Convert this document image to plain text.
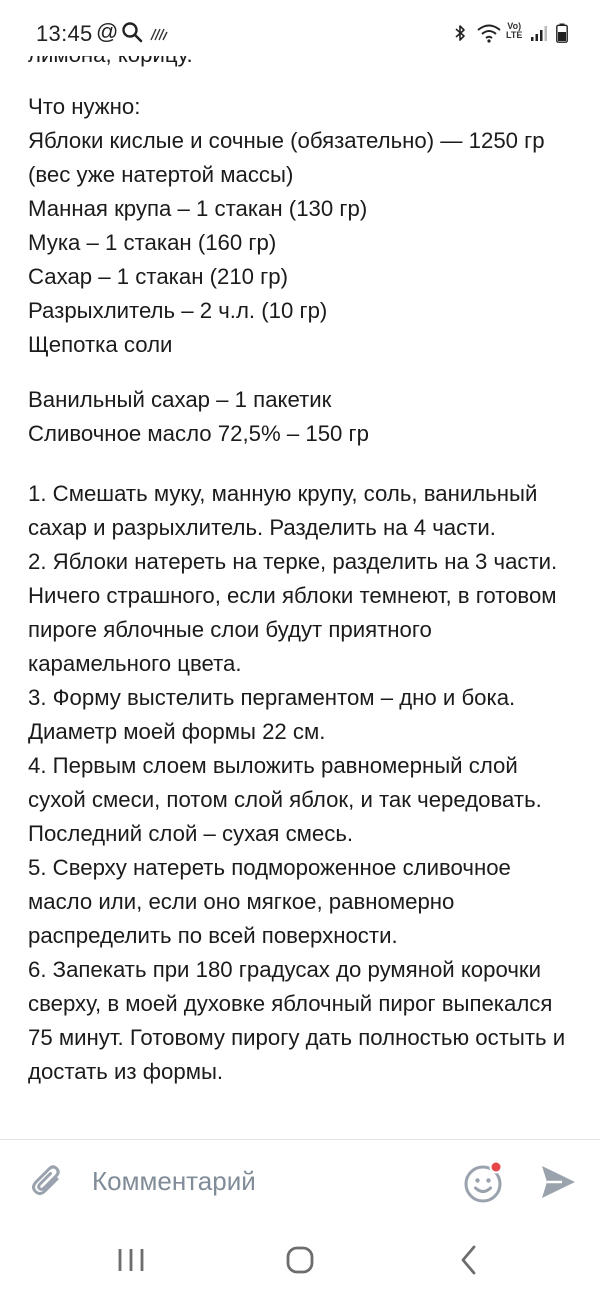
13:45 @	Vo)
LTE
Что нужно:
Яблоки кислые и сочные (обязательно) — 1250 гр (вес уже натертой массы)
Манная крупа – 1 стакан (130 гр)
Мука – 1 стакан (160 гр)
Сахар – 1 стакан (210 гр)
Разрыхлитель – 2 ч.л. (10 гр)
Щепотка соли
Ванильный сахар – 1 пакетик
Сливочное масло 72,5% – 150 гр
1. Смешать муку, манную крупу, соль, ванильный сахар и разрыхлитель. Разделить на 4 части.
2. Яблоки натереть на терке, разделить на 3 части. Ничего страшного, если яблоки темнеют, в готовом пироге яблочные слои будут приятного карамельного цвета.
3. Форму выстелить пергаментом – дно и бока. Диаметр моей формы 22 см.
4. Первым слоем выложить равномерный слой сухой смеси, потом слой яблок, и так чередовать. Последний слой – сухая смесь.
5. Сверху натереть подмороженное сливочное масло или, если оно мягкое, равномерно распределить по всей поверхности.
6. Запекать при 180 градусах до румяной корочки сверху, в моей духовке яблочный пирог выпекался 75 минут. Готовому пирогу дать полностью остыть и достать из формы.
Комментарий
